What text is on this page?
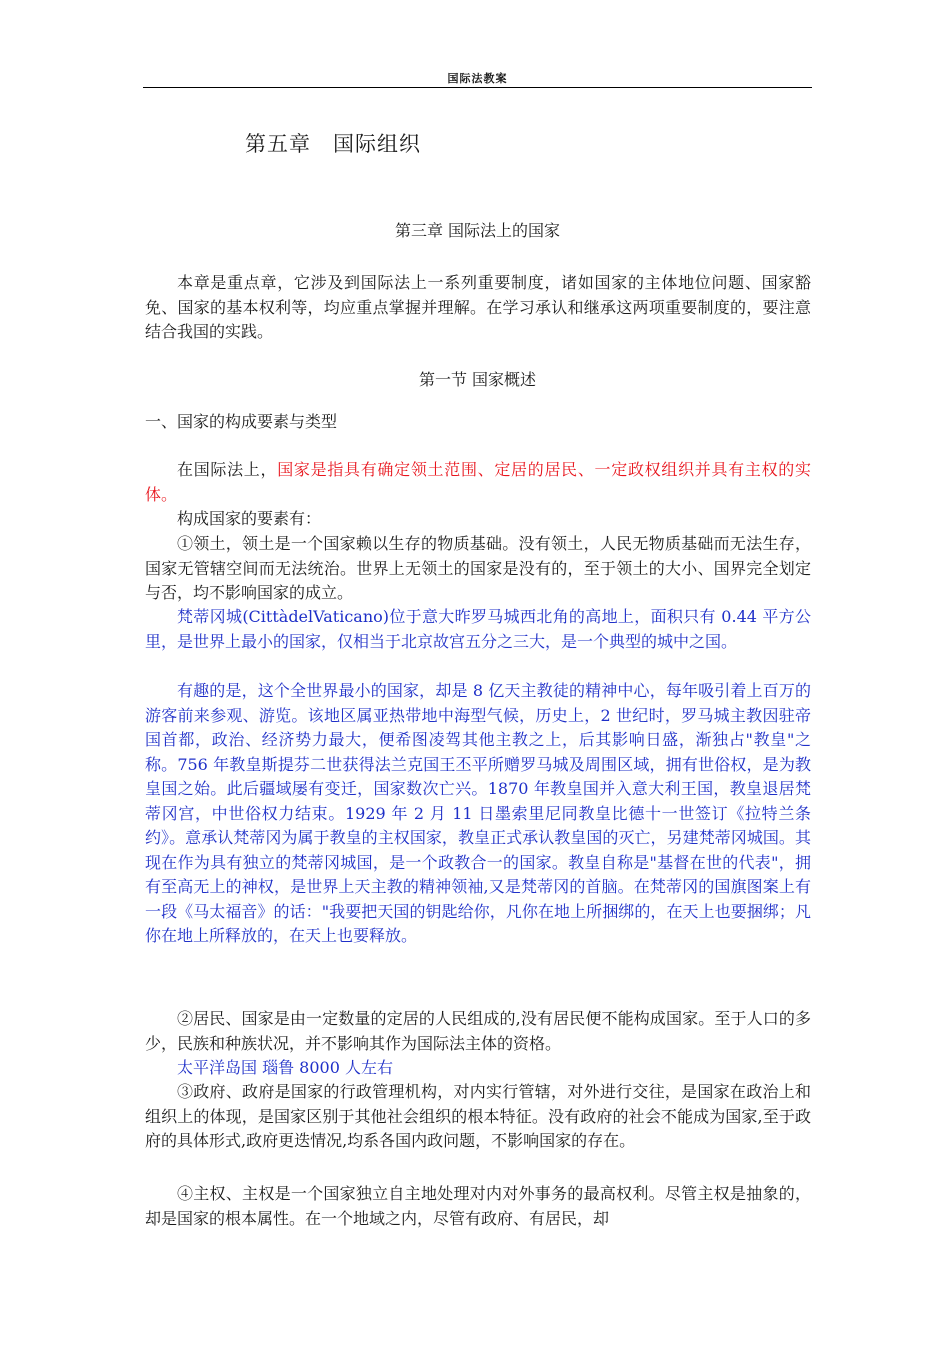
国际法教案
第五章 国际组织
第三章 国际法上的国家

本章是重点章，它涉及到国际法上一系列重要制度，诸如国家的主体地位问题、国家豁免、国家的基本权利等，均应重点掌握并理解。在学习承认和继承这两项重要制度的，要注意结合我国的实践。

第一节 国家概述
一、国家的构成要素与类型

在国际法上，国家是指具有确定领土范围、定居的居民、一定政权组织并具有主权的实体。

构成国家的要素有：

①领土，领土是一个国家赖以生存的物质基础。没有领土，人民无物质基础而无法生存，国家无管辖空间而无法统治。世界上无领土的国家是没有的，至于领土的大小、国界完全划定与否，均不影响国家的成立。

梵蒂冈城(CittàdelVaticano)位于意大昨罗马城西北角的高地上，面积只有 0.44 平方公里，是世界上最小的国家，仅相当于北京故宫五分之三大，是一个典型的城中之国。

有趣的是，这个全世界最小的国家，却是 8 亿天主教徒的精神中心，每年吸引着上百万的游客前来参观、游览。该地区属亚热带地中海型气候，历史上，2 世纪时，罗马城主教因驻帝国首都，政治、经济势力最大，便希图凌驾其他主教之上，后其影响日盛，渐独占"教皇"之称。756 年教皇斯提芬二世获得法兰克国王丕平所赠罗马城及周围区域，拥有世俗权，是为教皇国之始。此后疆域屡有变迁，国家数次亡兴。1870 年教皇国并入意大利王国，教皇退居梵蒂冈宫，中世俗权力结束。1929 年 2 月 11 日墨索里尼同教皇比德十一世签订《拉特兰条约》。意承认梵蒂冈为属于教皇的主权国家，教皇正式承认教皇国的灭亡，另建梵蒂冈城国。其现在作为具有独立的梵蒂冈城国，是一个政教合一的国家。教皇自称是"基督在世的代表"，拥有至高无上的神权，是世界上天主教的精神领袖,又是梵蒂冈的首脑。在梵蒂冈的国旗图案上有一段《马太福音》的话："我要把天国的钥匙给你，凡你在地上所捆绑的，在天上也要捆绑；凡你在地上所释放的，在天上也要释放。

②居民、国家是由一定数量的定居的人民组成的,没有居民便不能构成国家。至于人口的多少，民族和种族状况，并不影响其作为国际法主体的资格。

太平洋岛国 瑙鲁 8000 人左右

③政府、政府是国家的行政管理机构，对内实行管辖，对外进行交往，是国家在政治上和组织上的体现，是国家区别于其他社会组织的根本特征。没有政府的社会不能成为国家,至于政府的具体形式,政府更迭情况,均系各国内政问题，不影响国家的存在。

④主权、主权是一个国家独立自主地处理对内对外事务的最高权利。尽管主权是抽象的，却是国家的根本属性。在一个地域之内，尽管有政府、有居民，却
